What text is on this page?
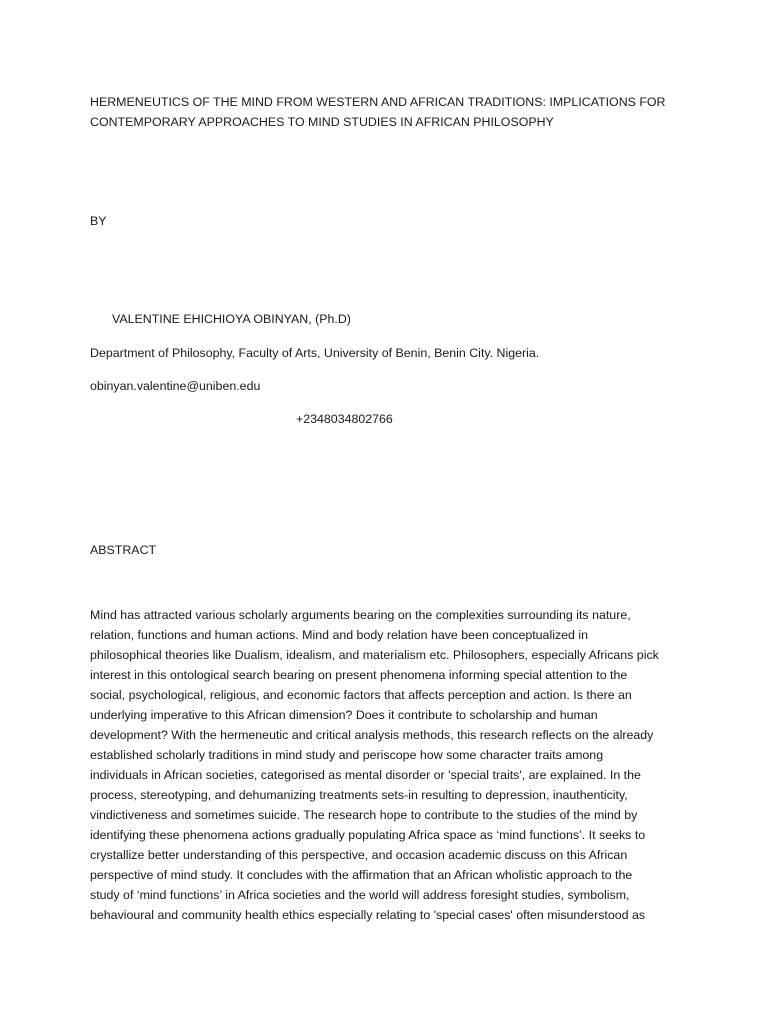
HERMENEUTICS OF THE MIND FROM WESTERN AND AFRICAN TRADITIONS: IMPLICATIONS FOR
CONTEMPORARY APPROACHES TO MIND STUDIES IN AFRICAN PHILOSOPHY
BY
VALENTINE EHICHIOYA OBINYAN, (Ph.D)
Department of Philosophy, Faculty of Arts, University of Benin, Benin City. Nigeria.
obinyan.valentine@uniben.edu
+2348034802766
ABSTRACT
Mind has attracted various scholarly arguments bearing on the complexities surrounding its nature,
relation, functions and human actions. Mind and body relation have been conceptualized in
philosophical theories like Dualism, idealism, and materialism etc. Philosophers, especially Africans pick
interest in this ontological search bearing on present phenomena informing special attention to the
social, psychological, religious, and economic factors that affects perception and action. Is there an
underlying imperative to this African dimension? Does it contribute to scholarship and human
development? With the hermeneutic and critical analysis methods, this research reflects on the already
established scholarly traditions in mind study and periscope how some character traits among
individuals in African societies, categorised as mental disorder or 'special traits', are explained. In the
process, stereotyping, and dehumanizing treatments sets-in resulting to depression, inauthenticity,
vindictiveness and sometimes suicide. The research hope to contribute to the studies of the mind by
identifying these phenomena actions gradually populating Africa space as ‘mind functions’. It seeks to
crystallize better understanding of this perspective, and occasion academic discuss on this African
perspective of mind study. It concludes with the affirmation that an African wholistic approach to the
study of ‘mind functions’ in Africa societies and the world will address foresight studies, symbolism,
behavioural and community health ethics especially relating to 'special cases' often misunderstood as
